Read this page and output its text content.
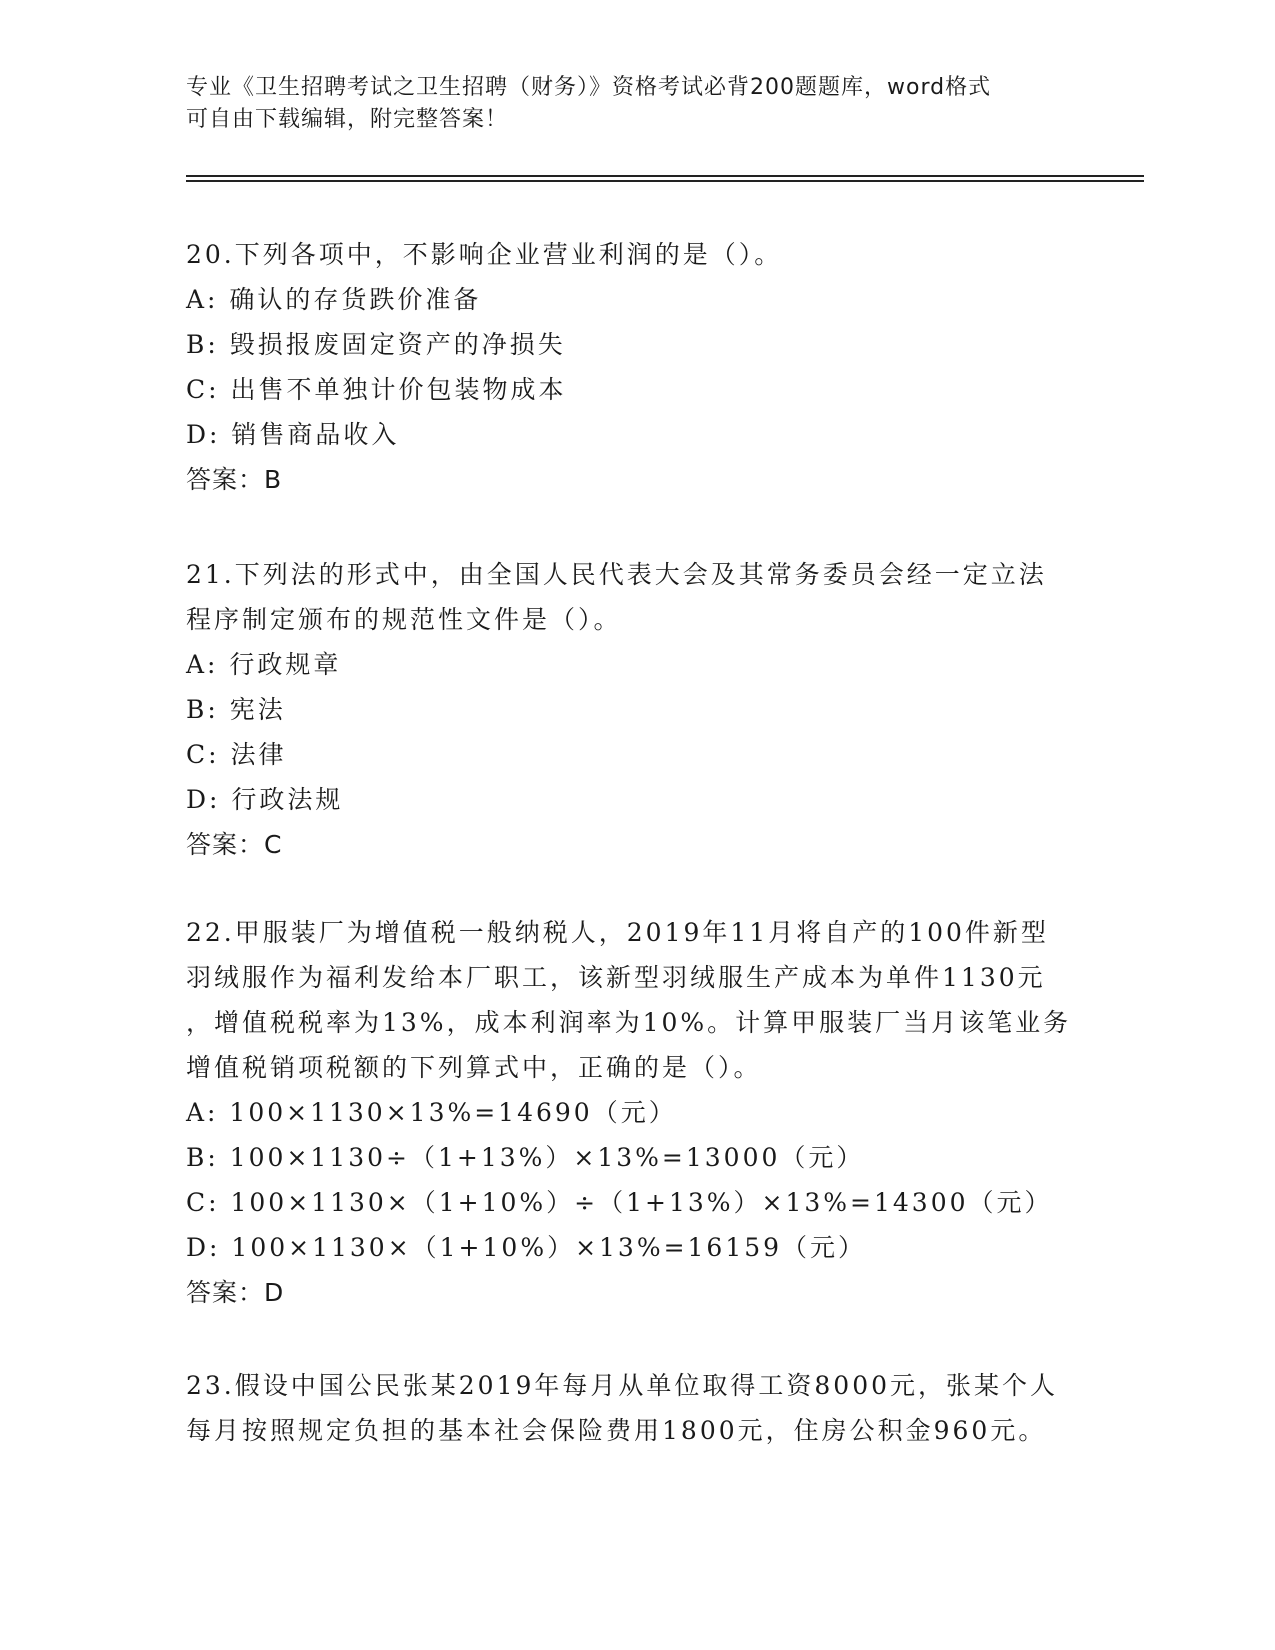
专业《卫生招聘考试之卫生招聘（财务）》资格考试必背200题题库，word格式

可自由下载编辑，附完整答案！

20.下列各项中，不影响企业营业利润的是（）。
A: 确认的存货跌价准备
B: 毁损报废固定资产的净损失
C: 出售不单独计价包装物成本
D: 销售商品收入
答案：B
21.下列法的形式中，由全国人民代表大会及其常务委员会经一定立法
程序制定颁布的规范性文件是（）。
A: 行政规章
B: 宪法
C: 法律
D: 行政法规
答案：C
22.甲服装厂为增值税一般纳税人，2019年11月将自产的100件新型
羽绒服作为福利发给本厂职工，该新型羽绒服生产成本为单件1130元
，增值税税率为13%，成本利润率为10%。计算甲服装厂当月该笔业务
增值税销项税额的下列算式中，正确的是（）。
A: 100×1130×13%=14690（元）
B: 100×1130÷（1+13%）×13%=13000（元）
C: 100×1130×（1+10%）÷（1+13%）×13%=14300（元）
D: 100×1130×（1+10%）×13%=16159（元）
答案：D
23.假设中国公民张某2019年每月从单位取得工资8000元，张某个人
每月按照规定负担的基本社会保险费用1800元，住房公积金960元。
